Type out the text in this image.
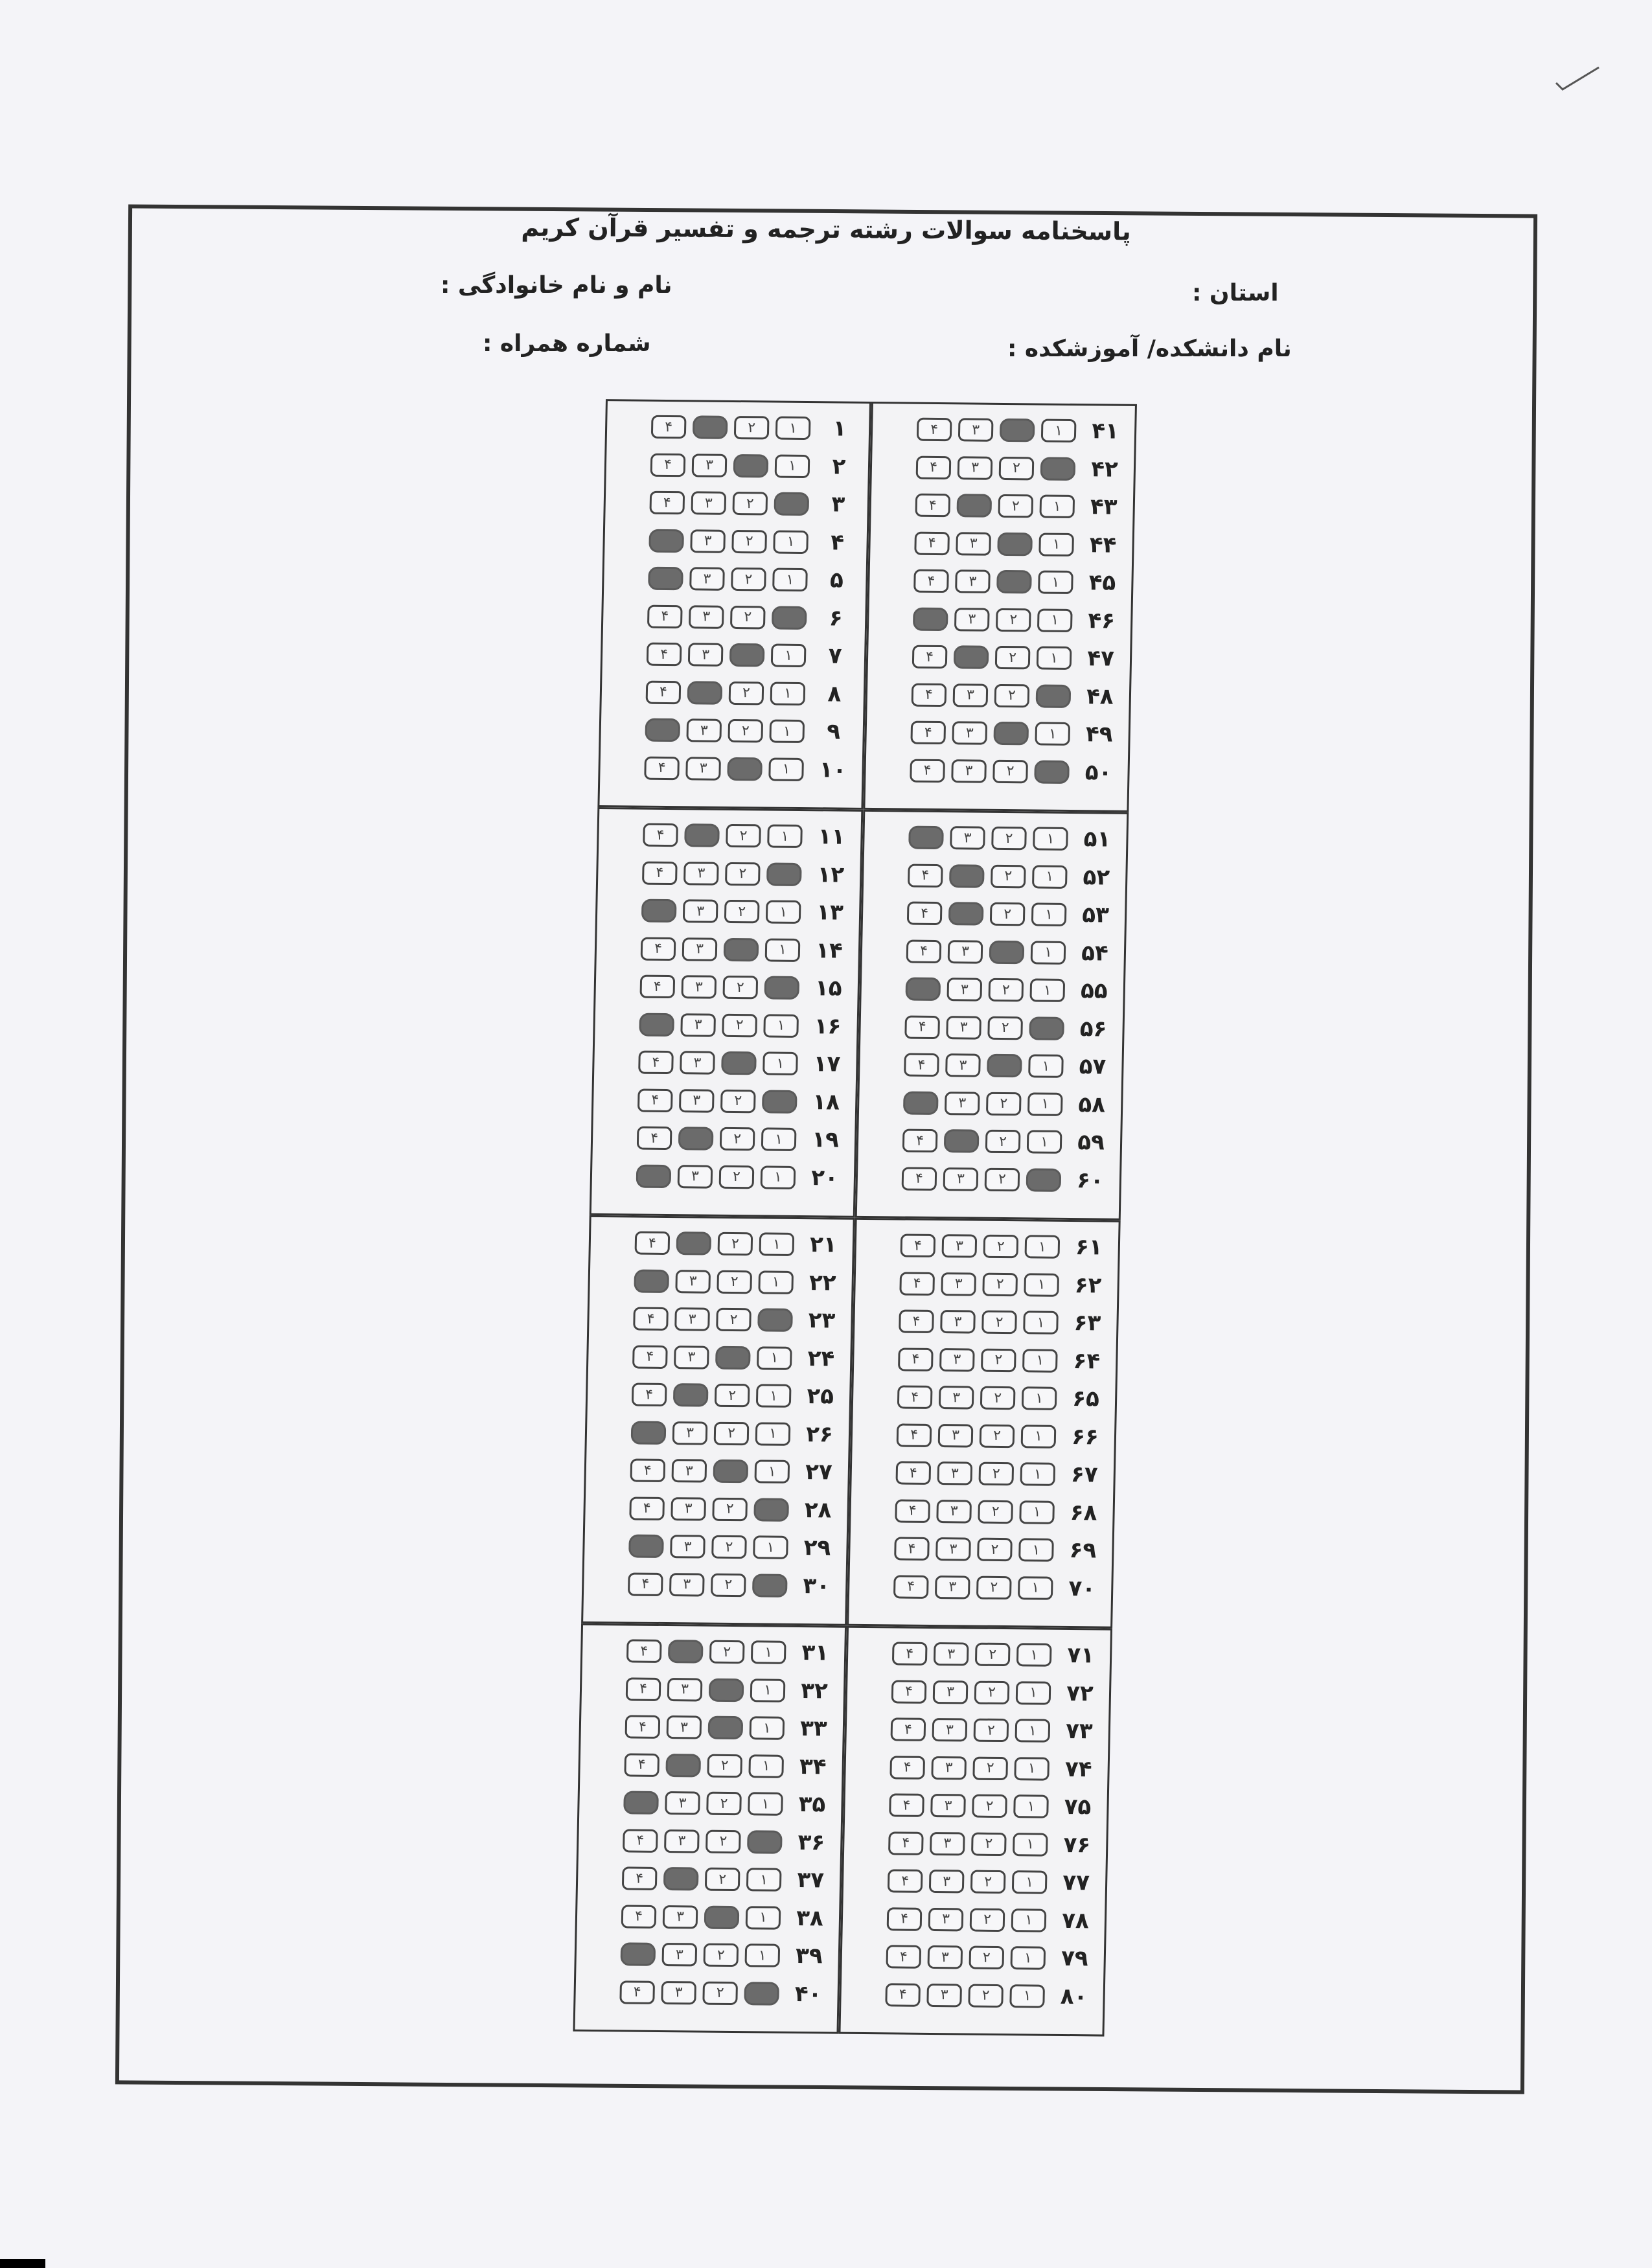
پاسخنامه سوالات رشته ترجمه و تفسیر قرآن کریم
نام و نام خانوادگی :	استان :
شماره همراه :	نام دانشکده/ آموزشکده :
۱
۱
۲
۴
۲
۱
۳
۴
۳
۲
۳
۴
۴
۱
۲
۳
۵
۱
۲
۳
۶
۲
۳
۴
۷
۱
۳
۴
۸
۱
۲
۴
۹
۱
۲
۳
۱۰
۱
۳
۴
۱۱
۱
۲
۴
۱۲
۲
۳
۴
۱۳
۱
۲
۳
۱۴
۱
۳
۴
۱۵
۲
۳
۴
۱۶
۱
۲
۳
۱۷
۱
۳
۴
۱۸
۲
۳
۴
۱۹
۱
۲
۴
۲۰
۱
۲
۳
۲۱
۱
۲
۴
۲۲
۱
۲
۳
۲۳
۲
۳
۴
۲۴
۱
۳
۴
۲۵
۱
۲
۴
۲۶
۱
۲
۳
۲۷
۱
۳
۴
۲۸
۲
۳
۴
۲۹
۱
۲
۳
۳۰
۲
۳
۴
۳۱
۱
۲
۴
۳۲
۱
۳
۴
۳۳
۱
۳
۴
۳۴
۱
۲
۴
۳۵
۱
۲
۳
۳۶
۲
۳
۴
۳۷
۱
۲
۴
۳۸
۱
۳
۴
۳۹
۱
۲
۳
۴۰
۲
۳
۴
۴۱
۱
۳
۴
۴۲
۲
۳
۴
۴۳
۱
۲
۴
۴۴
۱
۳
۴
۴۵
۱
۳
۴
۴۶
۱
۲
۳
۴۷
۱
۲
۴
۴۸
۲
۳
۴
۴۹
۱
۳
۴
۵۰
۲
۳
۴
۵۱
۱
۲
۳
۵۲
۱
۲
۴
۵۳
۱
۲
۴
۵۴
۱
۳
۴
۵۵
۱
۲
۳
۵۶
۲
۳
۴
۵۷
۱
۳
۴
۵۸
۱
۲
۳
۵۹
۱
۲
۴
۶۰
۲
۳
۴
۶۱
۱
۲
۳
۴
۶۲
۱
۲
۳
۴
۶۳
۱
۲
۳
۴
۶۴
۱
۲
۳
۴
۶۵
۱
۲
۳
۴
۶۶
۱
۲
۳
۴
۶۷
۱
۲
۳
۴
۶۸
۱
۲
۳
۴
۶۹
۱
۲
۳
۴
۷۰
۱
۲
۳
۴
۷۱
۱
۲
۳
۴
۷۲
۱
۲
۳
۴
۷۳
۱
۲
۳
۴
۷۴
۱
۲
۳
۴
۷۵
۱
۲
۳
۴
۷۶
۱
۲
۳
۴
۷۷
۱
۲
۳
۴
۷۸
۱
۲
۳
۴
۷۹
۱
۲
۳
۴
۸۰
۱
۲
۳
۴
